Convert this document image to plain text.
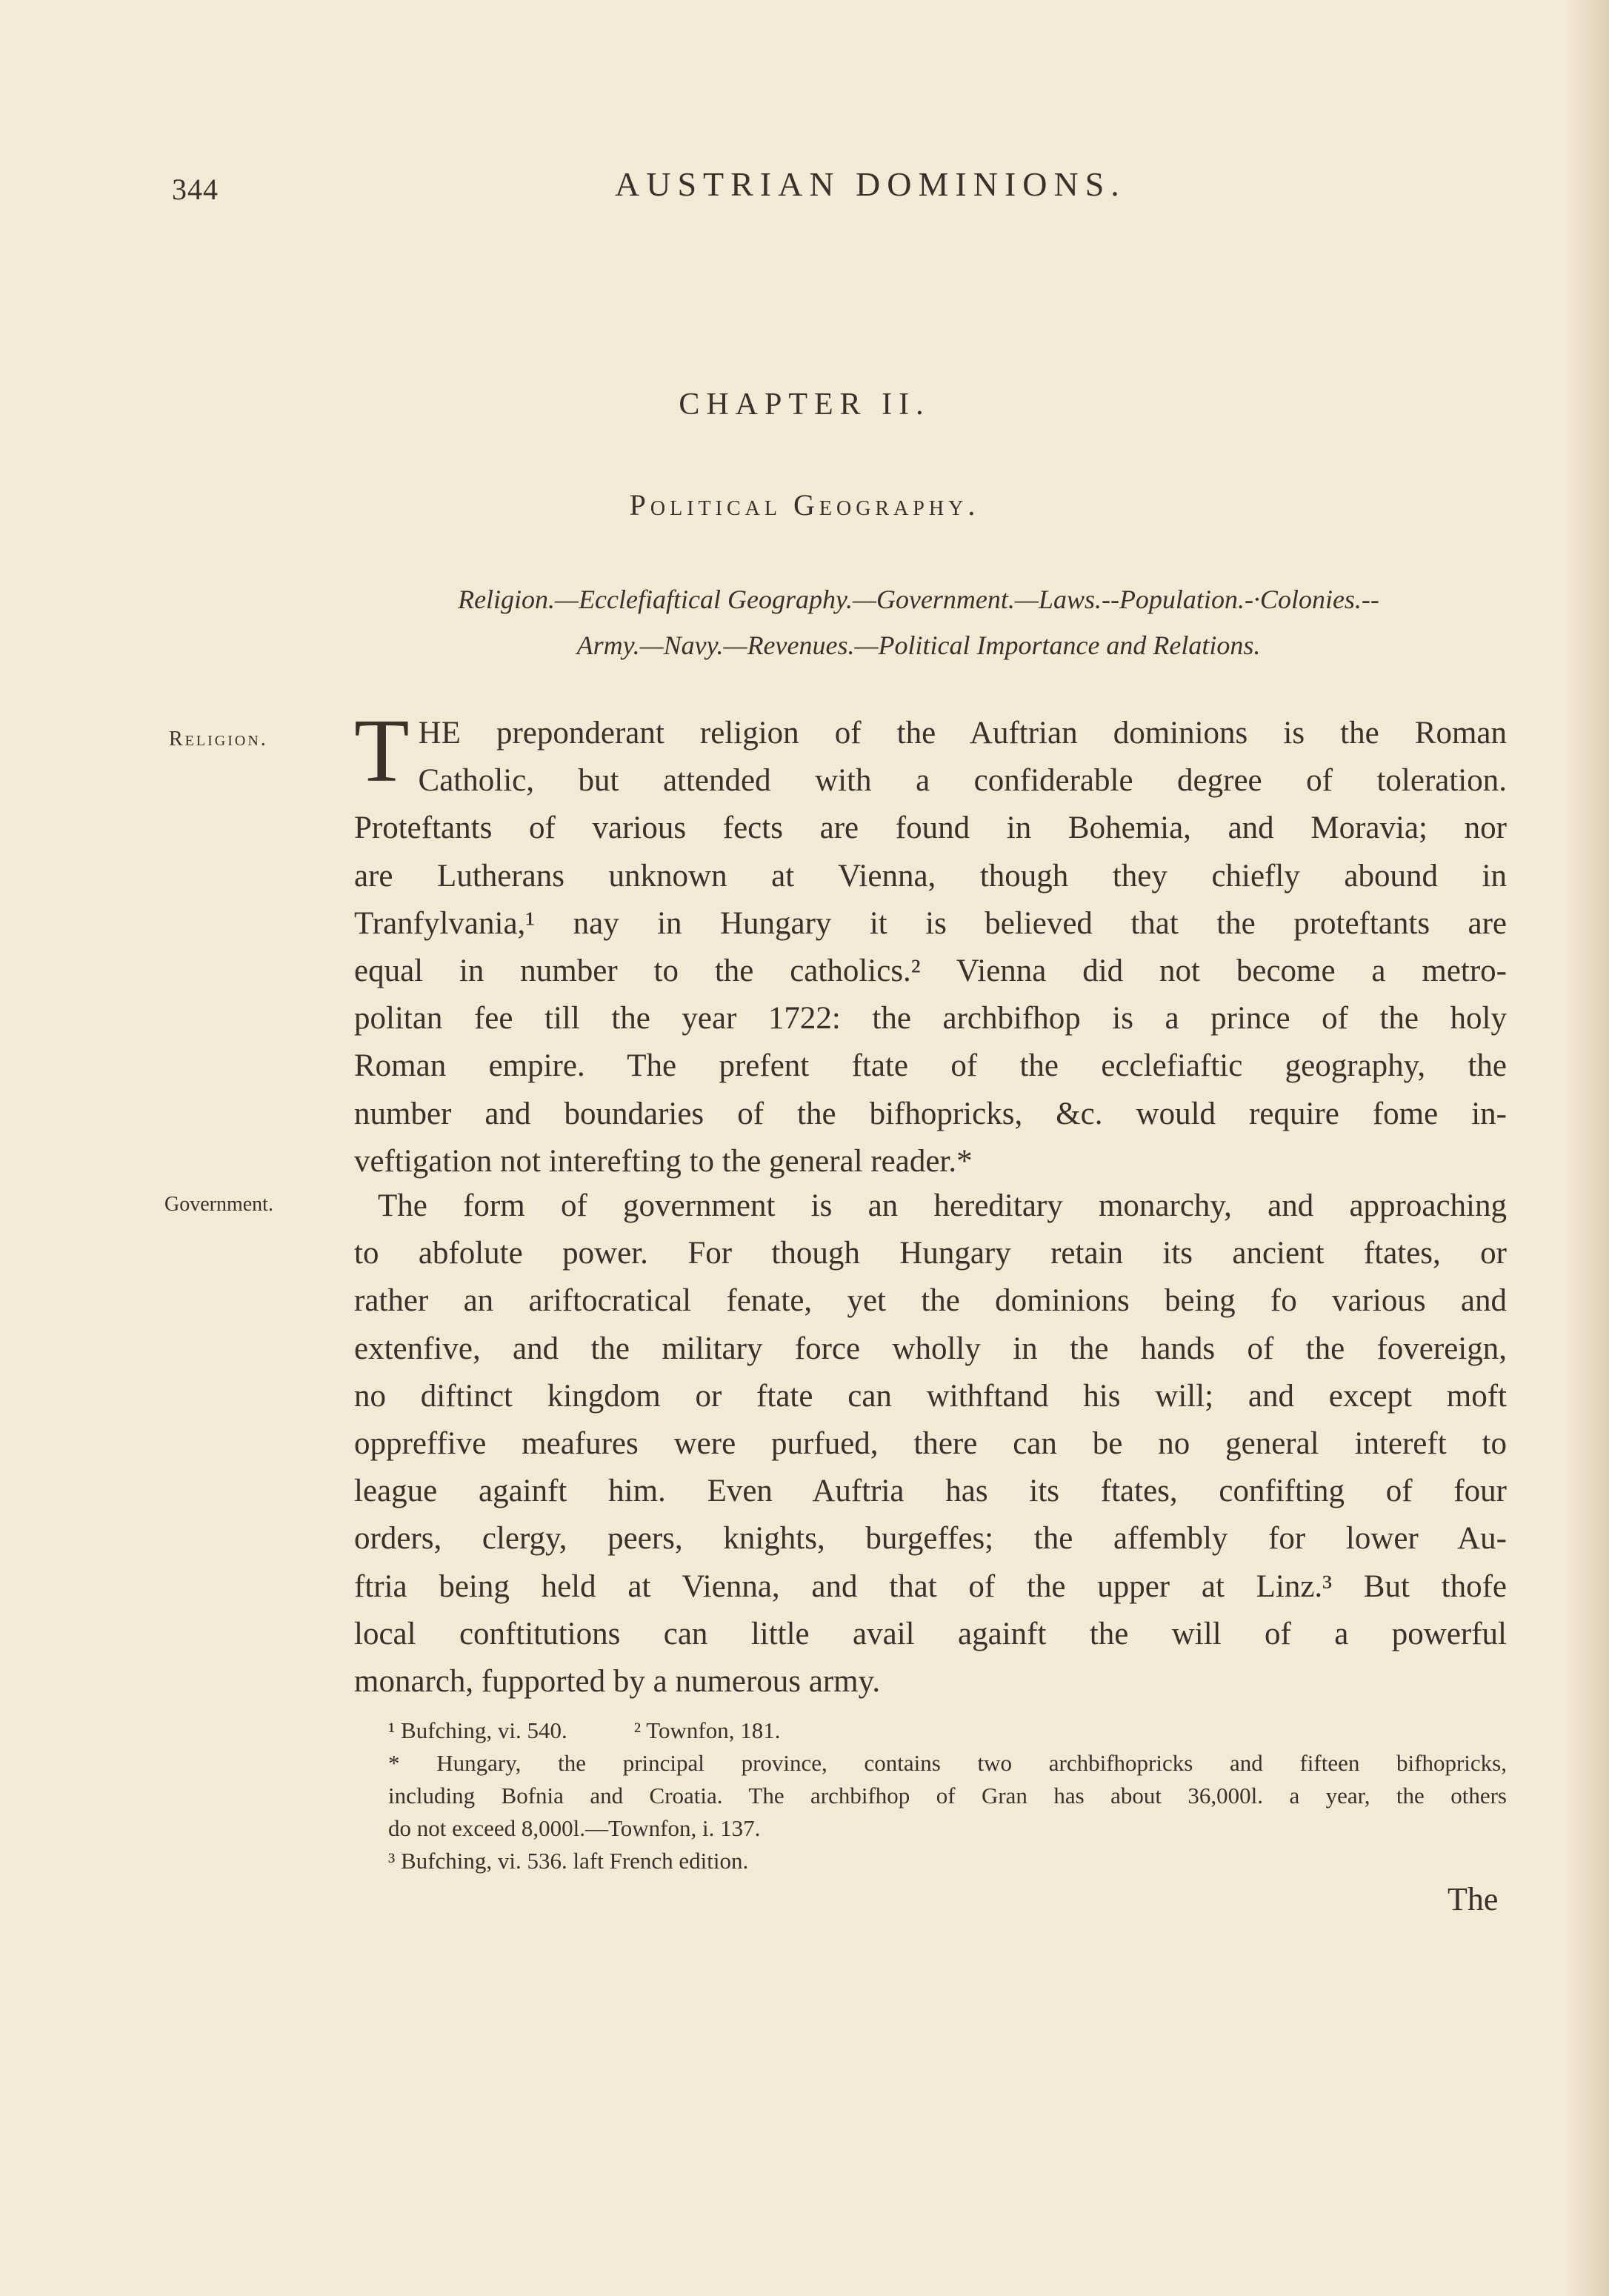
344	AUSTRIAN DOMINIONS.
CHAPTER II.
Political Geography.
Religion.—Ecclefiaftical Geography.—Government.—Laws.--Population.-·Colonies.--
Army.—Navy.—Revenues.—Political Importance and Relations.
Religion.
Government.
T HE preponderant religion of the Auftrian dominions is the Roman

Catholic, but attended with a confiderable degree of toleration.

Proteftants of various fects are found in Bohemia, and Moravia; nor

are Lutherans unknown at Vienna, though they chiefly abound in

Tranfylvania,¹ nay in Hungary it is believed that the proteftants are

equal in number to the catholics.² Vienna did not become a metro-

politan fee till the year 1722: the archbifhop is a prince of the holy

Roman empire. The prefent ftate of the ecclefiaftic geography, the

number and boundaries of the bifhopricks, &c. would require fome in-

veftigation not interefting to the general reader.*

The form of government is an hereditary monarchy, and approaching

to abfolute power. For though Hungary retain its ancient ftates, or

rather an ariftocratical fenate, yet the dominions being fo various and

extenfive, and the military force wholly in the hands of the fovereign,

no diftinct kingdom or ftate can withftand his will; and except moft

oppreffive meafures were purfued, there can be no general intereft to

league againft him. Even Auftria has its ftates, confifting of four

orders, clergy, peers, knights, burgeffes; the affembly for lower Au-

ftria being held at Vienna, and that of the upper at Linz.³ But thofe

local conftitutions can little avail againft the will of a powerful

monarch, fupported by a numerous army.

¹ Bufching, vi. 540.	² Townfon, 181.

* Hungary, the principal province, contains two archbifhopricks and fifteen bifhopricks,

including Bofnia and Croatia. The archbifhop of Gran has about 36,000l. a year, the others

do not exceed 8,000l.—Townfon, i. 137.

³ Bufching, vi. 536. laft French edition.

The
